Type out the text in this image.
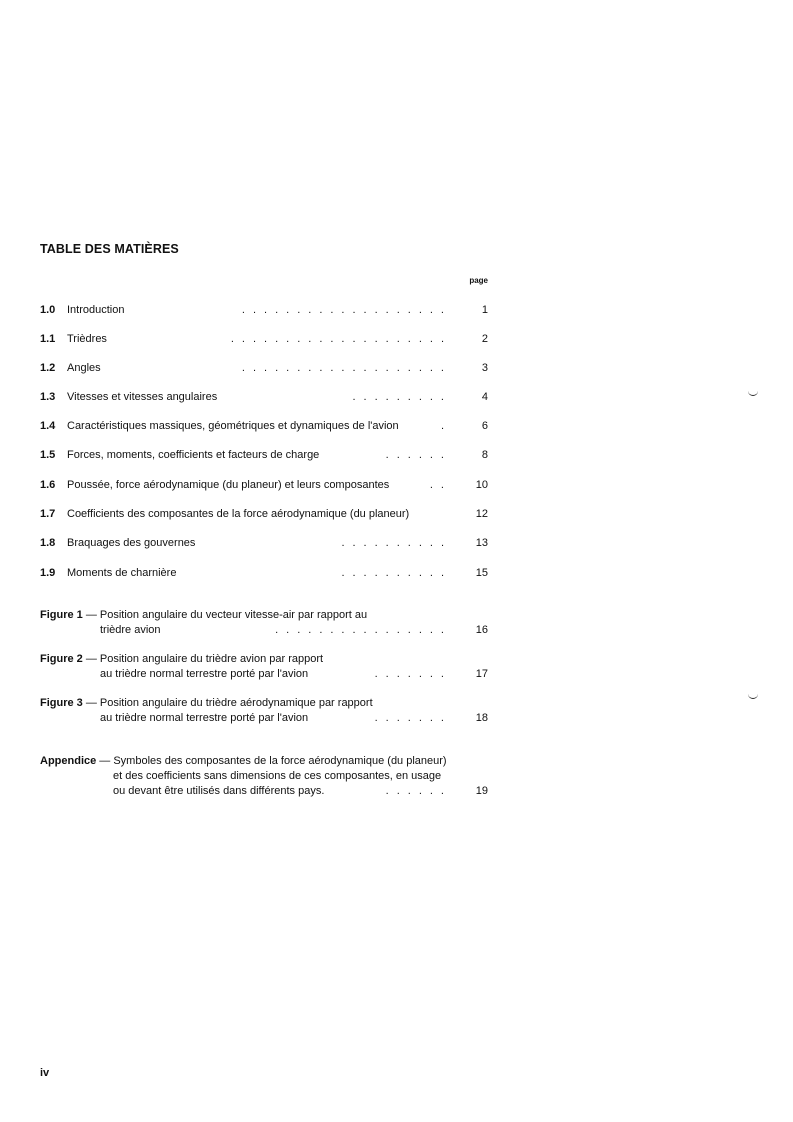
TABLE DES MATIÈRES
page
1.0 Introduction	...................	1
1.1 Trièdres	....................	2
1.2 Angles	...................	3
1.3 Vitesses et vitesses angulaires	.........	4
1.4 Caractéristiques massiques, géométriques et dynamiques de l'avion	.	6
1.5 Forces, moments, coefficients et facteurs de charge	......	8
1.6 Poussée, force aérodynamique (du planeur) et leurs composantes	.. 10
1.7 Coefficients des composantes de la force aérodynamique (du planeur)	12
1.8 Braquages des gouvernes	.......... 13
1.9 Moments de charnière	.......... 15
Figure 1 — Position angulaire du vecteur vitesse-air par rapport au
trièdre avion	................ 16
Figure 2 — Position angulaire du trièdre avion par rapport
au trièdre normal terrestre porté par l'avion	....... 17
Figure 3 — Position angulaire du trièdre aérodynamique par rapport
au trièdre normal terrestre porté par l'avion	....... 18
Appendice — Symboles des composantes de la force aérodynamique (du planeur)
et des coefficients sans dimensions de ces composantes, en usage
ou devant être utilisés dans différents pays.	...... 19
iv
